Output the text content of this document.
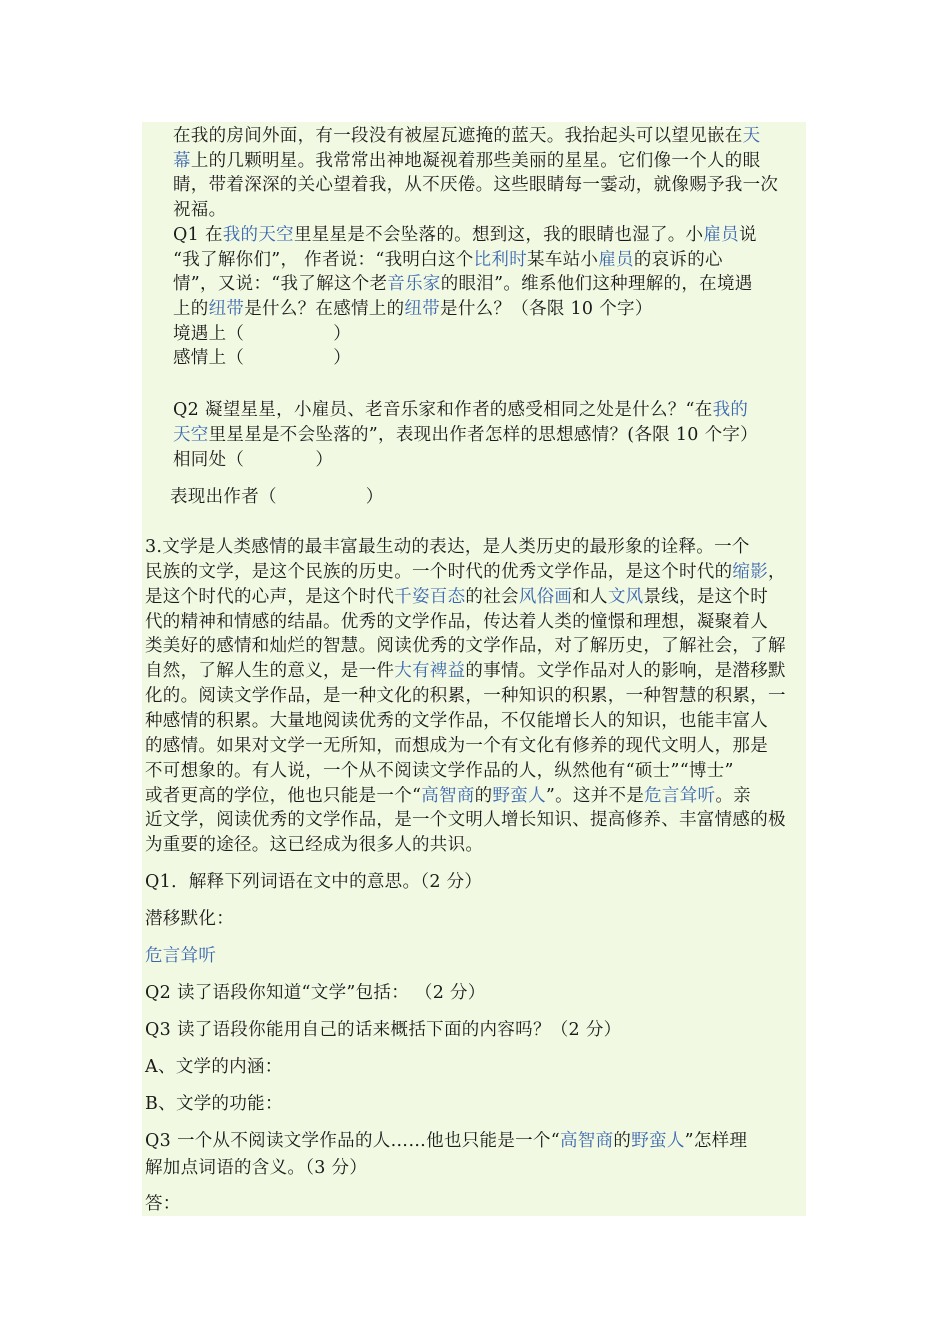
在我的房间外面，有一段没有被屋瓦遮掩的蓝天。我抬起头可以望见嵌在天
幕上的几颗明星。我常常出神地凝视着那些美丽的星星。它们像一个人的眼
睛，带着深深的关心望着我，从不厌倦。这些眼睛每一霎动，就像赐予我一次
祝福。
Q1 在我的天空里星星是不会坠落的。想到这，我的眼睛也湿了。小雇员说
“我了解你们”， 作者说：“我明白这个比利时某车站小雇员的哀诉的心
情”，又说：“我了解这个老音乐家的眼泪”。维系他们这种理解的，在境遇
上的纽带是什么？在感情上的纽带是什么？（各限 10 个字）
境遇上（　　　　　）
感情上（　　　　　）
Q2 凝望星星，小雇员、老音乐家和作者的感受相同之处是什么？“在我的
天空里星星是不会坠落的”，表现出作者怎样的思想感情？(各限 10 个字）
相同处（　　　　）
表现出作者（　　　　　）
3.文学是人类感情的最丰富最生动的表达，是人类历史的最形象的诠释。一个
民族的文学，是这个民族的历史。一个时代的优秀文学作品，是这个时代的缩影，
是这个时代的心声，是这个时代千姿百态的社会风俗画和人文风景线，是这个时
代的精神和情感的结晶。优秀的文学作品，传达着人类的憧憬和理想，凝聚着人
类美好的感情和灿烂的智慧。阅读优秀的文学作品，对了解历史，了解社会，了解
自然，了解人生的意义，是一件大有裨益的事情。文学作品对人的影响，是潜移默
化的。阅读文学作品，是一种文化的积累，一种知识的积累，一种智慧的积累，一
种感情的积累。大量地阅读优秀的文学作品，不仅能增长人的知识，也能丰富人
的感情。如果对文学一无所知，而想成为一个有文化有修养的现代文明人，那是
不可想象的。有人说，一个从不阅读文学作品的人，纵然他有“硕士”“博士”
或者更高的学位，他也只能是一个“高智商的野蛮人”。这并不是危言耸听。亲
近文学，阅读优秀的文学作品，是一个文明人增长知识、提高修养、丰富情感的极
为重要的途径。这已经成为很多人的共识。
Q1．解释下列词语在文中的意思。（2 分）
潜移默化：
危言耸听
Q2 读了语段你知道“文学”包括： （2 分）
Q3 读了语段你能用自己的话来概括下面的内容吗？（2 分）
A、文学的内涵：
B、文学的功能：
Q3 一个从不阅读文学作品的人……他也只能是一个“高智商的野蛮人”怎样理
解加点词语的含义。（3 分）
答：
